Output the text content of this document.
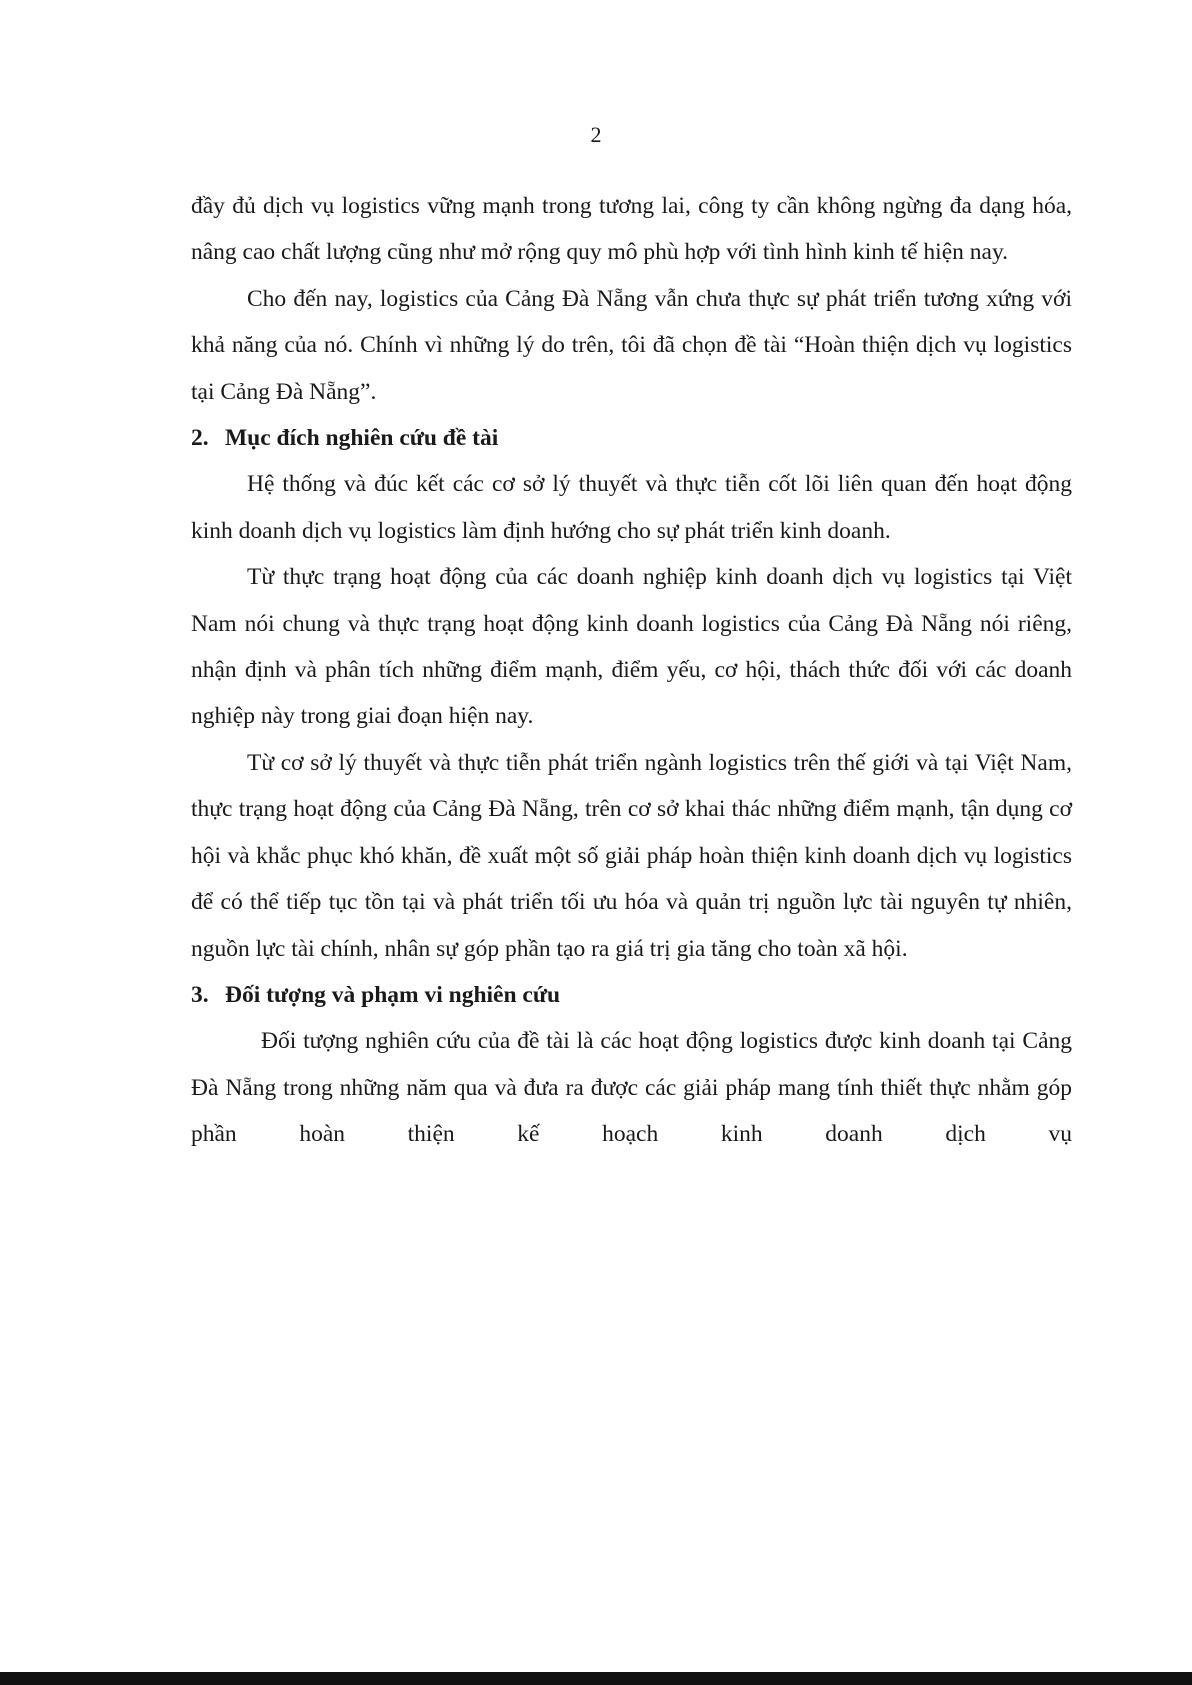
2

đầy đủ dịch vụ logistics vững mạnh trong tương lai, công ty cần không ngừng đa dạng hóa, nâng cao chất lượng cũng như mở rộng quy mô phù hợp với tình hình kinh tế hiện nay.

Cho đến nay, logistics của Cảng Đà Nẵng vẫn chưa thực sự phát triển tương xứng với khả năng của nó. Chính vì những lý do trên, tôi đã chọn đề tài “Hoàn thiện dịch vụ logistics tại Cảng Đà Nẵng”.

2. Mục đích nghiên cứu đề tài

Hệ thống và đúc kết các cơ sở lý thuyết và thực tiễn cốt lõi liên quan đến hoạt động kinh doanh dịch vụ logistics làm định hướng cho sự phát triển kinh doanh.

Từ thực trạng hoạt động của các doanh nghiệp kinh doanh dịch vụ logistics tại Việt Nam nói chung và thực trạng hoạt động kinh doanh logistics của Cảng Đà Nẵng nói riêng, nhận định và phân tích những điểm mạnh, điểm yếu, cơ hội, thách thức đối với các doanh nghiệp này trong giai đoạn hiện nay.

Từ cơ sở lý thuyết và thực tiễn phát triển ngành logistics trên thế giới và tại Việt Nam, thực trạng hoạt động của Cảng Đà Nẵng, trên cơ sở khai thác những điểm mạnh, tận dụng cơ hội và khắc phục khó khăn, đề xuất một số giải pháp hoàn thiện kinh doanh dịch vụ logistics để có thể tiếp tục tồn tại và phát triển tối ưu hóa và quản trị nguồn lực tài nguyên tự nhiên, nguồn lực tài chính, nhân sự góp phần tạo ra giá trị gia tăng cho toàn xã hội.

3. Đối tượng và phạm vi nghiên cứu

Đối tượng nghiên cứu của đề tài là các hoạt động logistics được kinh doanh tại Cảng Đà Nẵng trong những năm qua và đưa ra được các giải pháp mang tính thiết thực nhằm góp phần hoàn thiện kế hoạch kinh doanh dịch vụ
